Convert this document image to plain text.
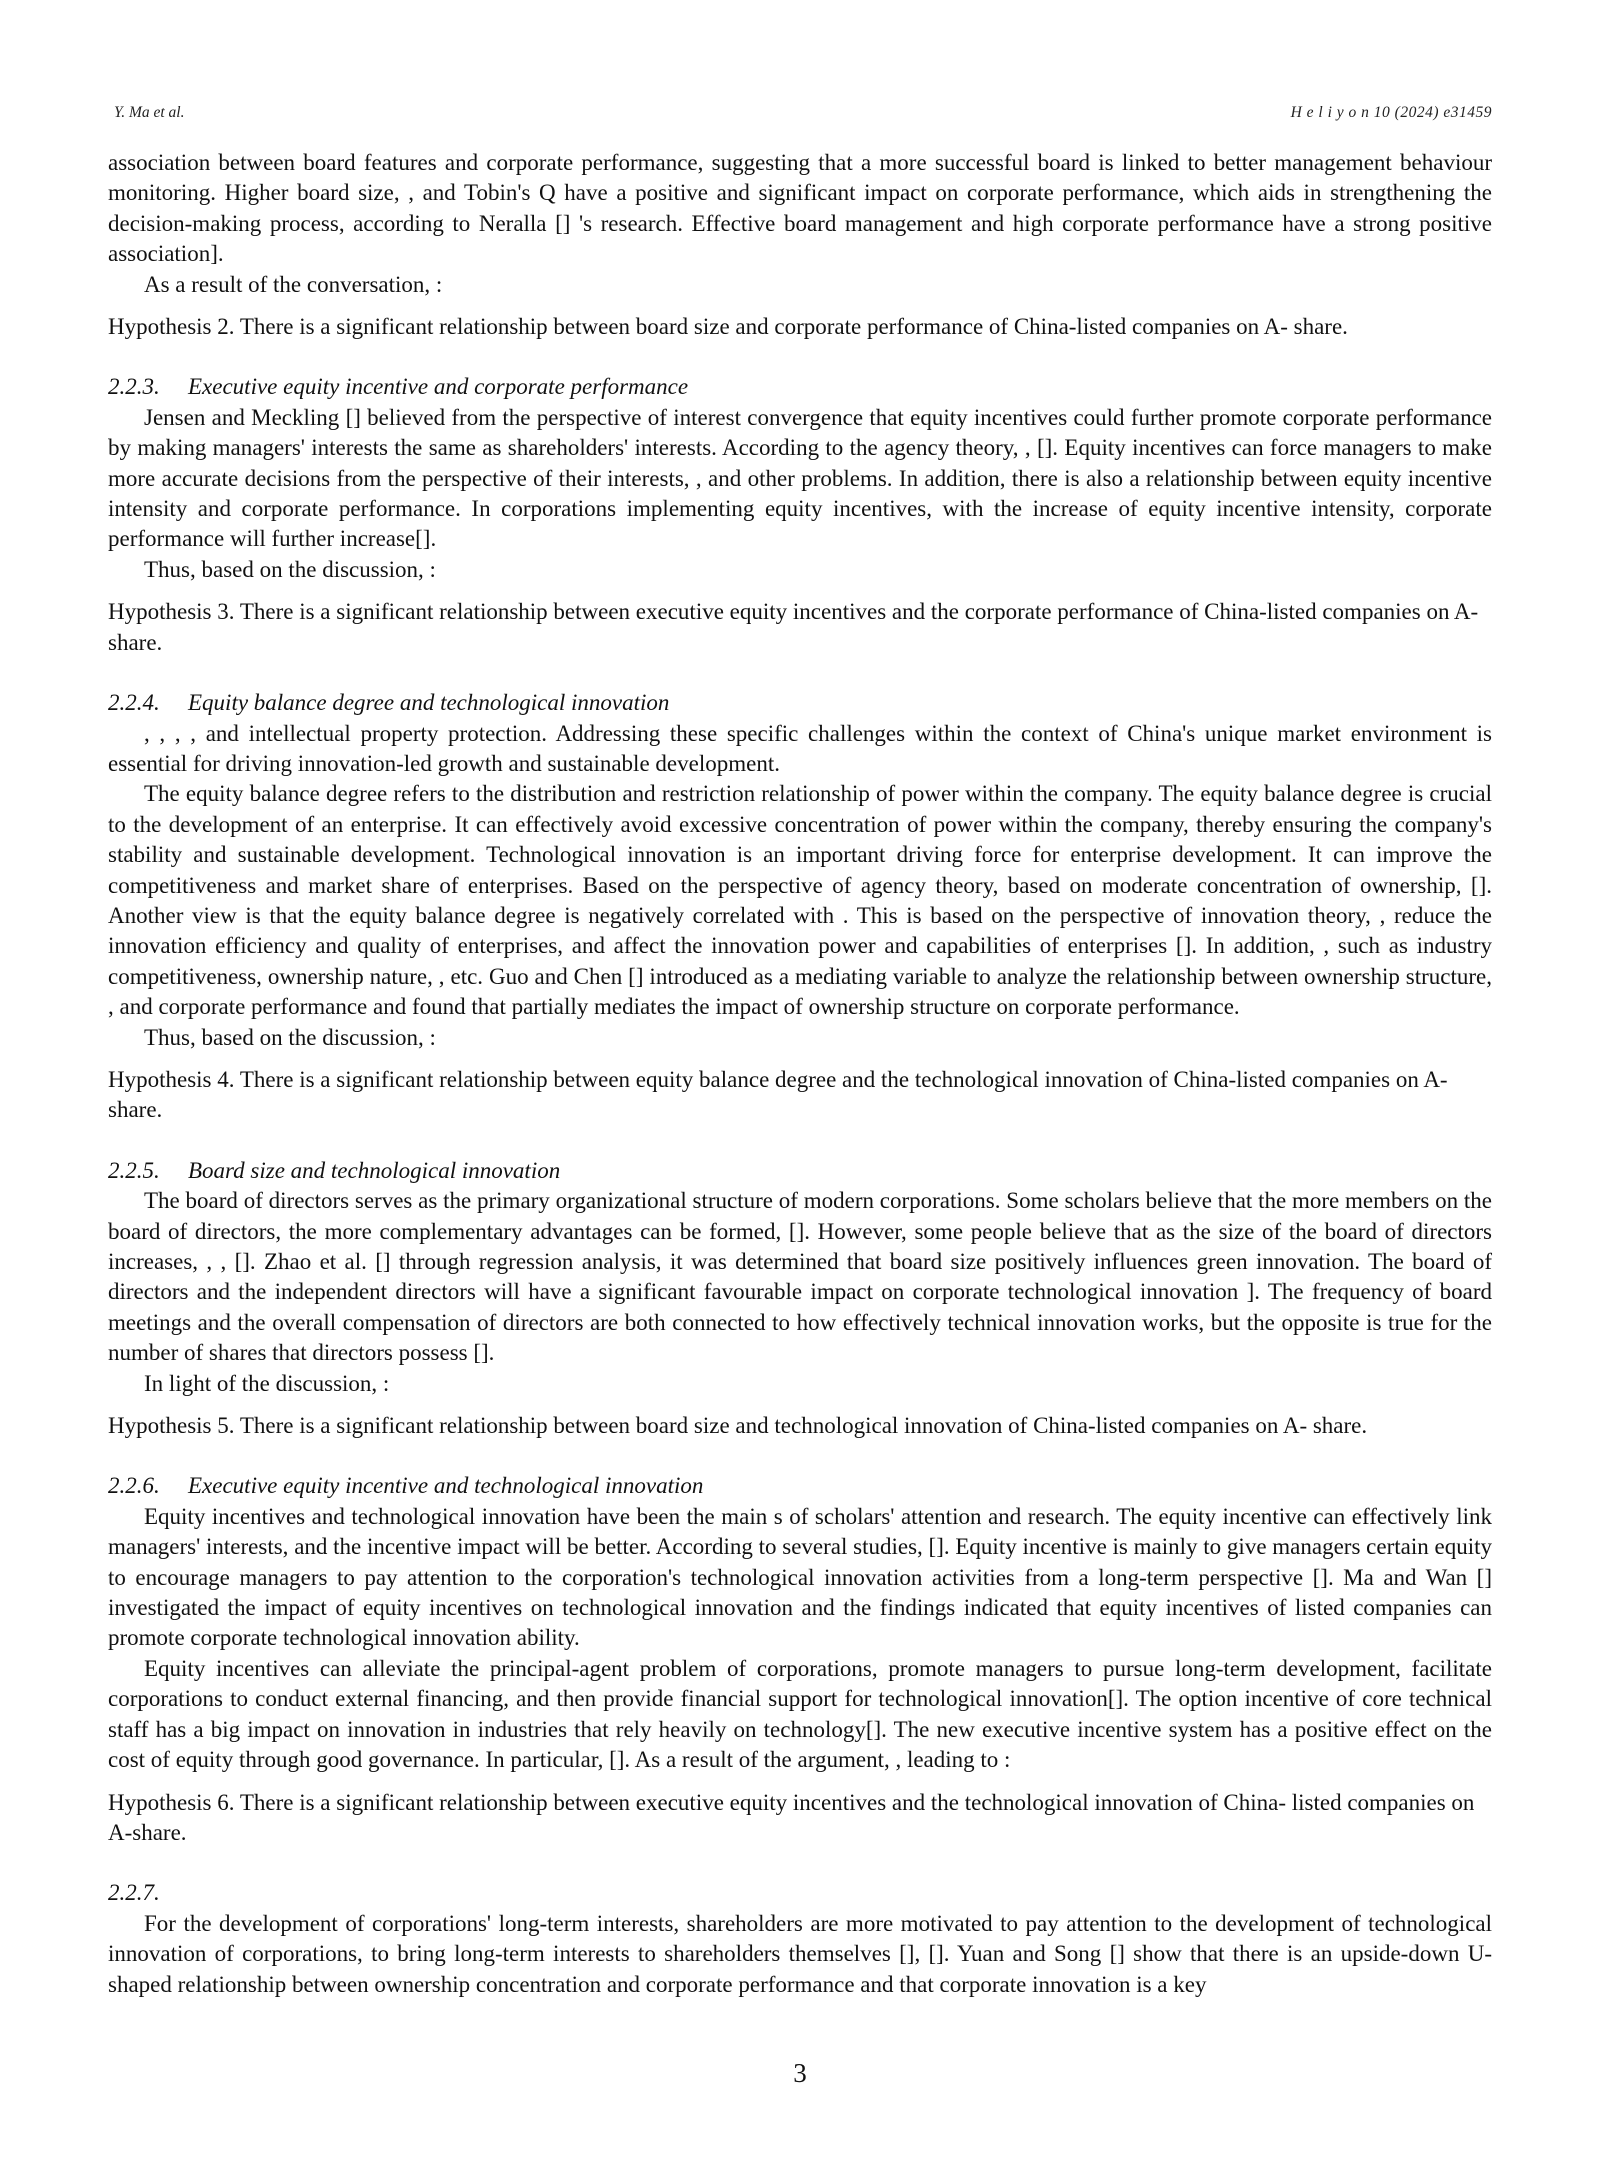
Y. Ma et al.	H e l i y o n 10 (2024) e31459

association between board features and corporate performance, suggesting that a more successful board is linked to better management behaviour monitoring. Higher board size, , and Tobin's Q have a positive and significant impact on corporate performance, which aids in strengthening the decision-making process, according to Neralla [] 's research. Effective board management and high corporate performance have a strong positive association].

As a result of the conversation, :

Hypothesis 2. There is a significant relationship between board size and corporate performance of China-listed companies on A- share.

2.2.3. Executive equity incentive and corporate performance

Jensen and Meckling [] believed from the perspective of interest convergence that equity incentives could further promote corporate performance by making managers' interests the same as shareholders' interests. According to the agency theory, , []. Equity incentives can force managers to make more accurate decisions from the perspective of their interests, , and other problems. In addition, there is also a relationship between equity incentive intensity and corporate performance. In corporations implementing equity incentives, with the increase of equity incentive intensity, corporate performance will further increase[].

Thus, based on the discussion, :

Hypothesis 3. There is a significant relationship between executive equity incentives and the corporate performance of China-listed companies on A-share.

2.2.4. Equity balance degree and technological innovation

, , , , and intellectual property protection. Addressing these specific challenges within the context of China's unique market environment is essential for driving innovation-led growth and sustainable development.

The equity balance degree refers to the distribution and restriction relationship of power within the company. The equity balance degree is crucial to the development of an enterprise. It can effectively avoid excessive concentration of power within the company, thereby ensuring the company's stability and sustainable development. Technological innovation is an important driving force for enterprise development. It can improve the competitiveness and market share of enterprises. Based on the perspective of agency theory, based on moderate concentration of ownership, []. Another view is that the equity balance degree is negatively correlated with . This is based on the perspective of innovation theory, , reduce the innovation efficiency and quality of enterprises, and affect the innovation power and capabilities of enterprises []. In addition, , such as industry competitiveness, ownership nature, , etc. Guo and Chen [] introduced as a mediating variable to analyze the relationship between ownership structure, , and corporate performance and found that partially mediates the impact of ownership structure on corporate performance.

Thus, based on the discussion, :

Hypothesis 4. There is a significant relationship between equity balance degree and the technological innovation of China-listed companies on A-share.

2.2.5. Board size and technological innovation

The board of directors serves as the primary organizational structure of modern corporations. Some scholars believe that the more members on the board of directors, the more complementary advantages can be formed, []. However, some people believe that as the size of the board of directors increases, , , []. Zhao et al. [] through regression analysis, it was determined that board size positively influences green innovation. The board of directors and the independent directors will have a significant favourable impact on corporate technological innovation ]. The frequency of board meetings and the overall compensation of directors are both connected to how effectively technical innovation works, but the opposite is true for the number of shares that directors possess [].

In light of the discussion, :

Hypothesis 5. There is a significant relationship between board size and technological innovation of China-listed companies on A- share.

2.2.6. Executive equity incentive and technological innovation

Equity incentives and technological innovation have been the main s of scholars' attention and research. The equity incentive can effectively link managers' interests, and the incentive impact will be better. According to several studies, []. Equity incentive is mainly to give managers certain equity to encourage managers to pay attention to the corporation's technological innovation activities from a long-term perspective []. Ma and Wan [] investigated the impact of equity incentives on technological innovation and the findings indicated that equity incentives of listed companies can promote corporate technological innovation ability.

Equity incentives can alleviate the principal-agent problem of corporations, promote managers to pursue long-term development, facilitate corporations to conduct external financing, and then provide financial support for technological innovation[]. The option incentive of core technical staff has a big impact on innovation in industries that rely heavily on technology[]. The new executive incentive system has a positive effect on the cost of equity through good governance. In particular, []. As a result of the argument, , leading to :

Hypothesis 6. There is a significant relationship between executive equity incentives and the technological innovation of China- listed companies on A-share.

2.2.7.

For the development of corporations' long-term interests, shareholders are more motivated to pay attention to the development of technological innovation of corporations, to bring long-term interests to shareholders themselves [], []. Yuan and Song [] show that there is an upside-down U-shaped relationship between ownership concentration and corporate performance and that corporate innovation is a key

3
